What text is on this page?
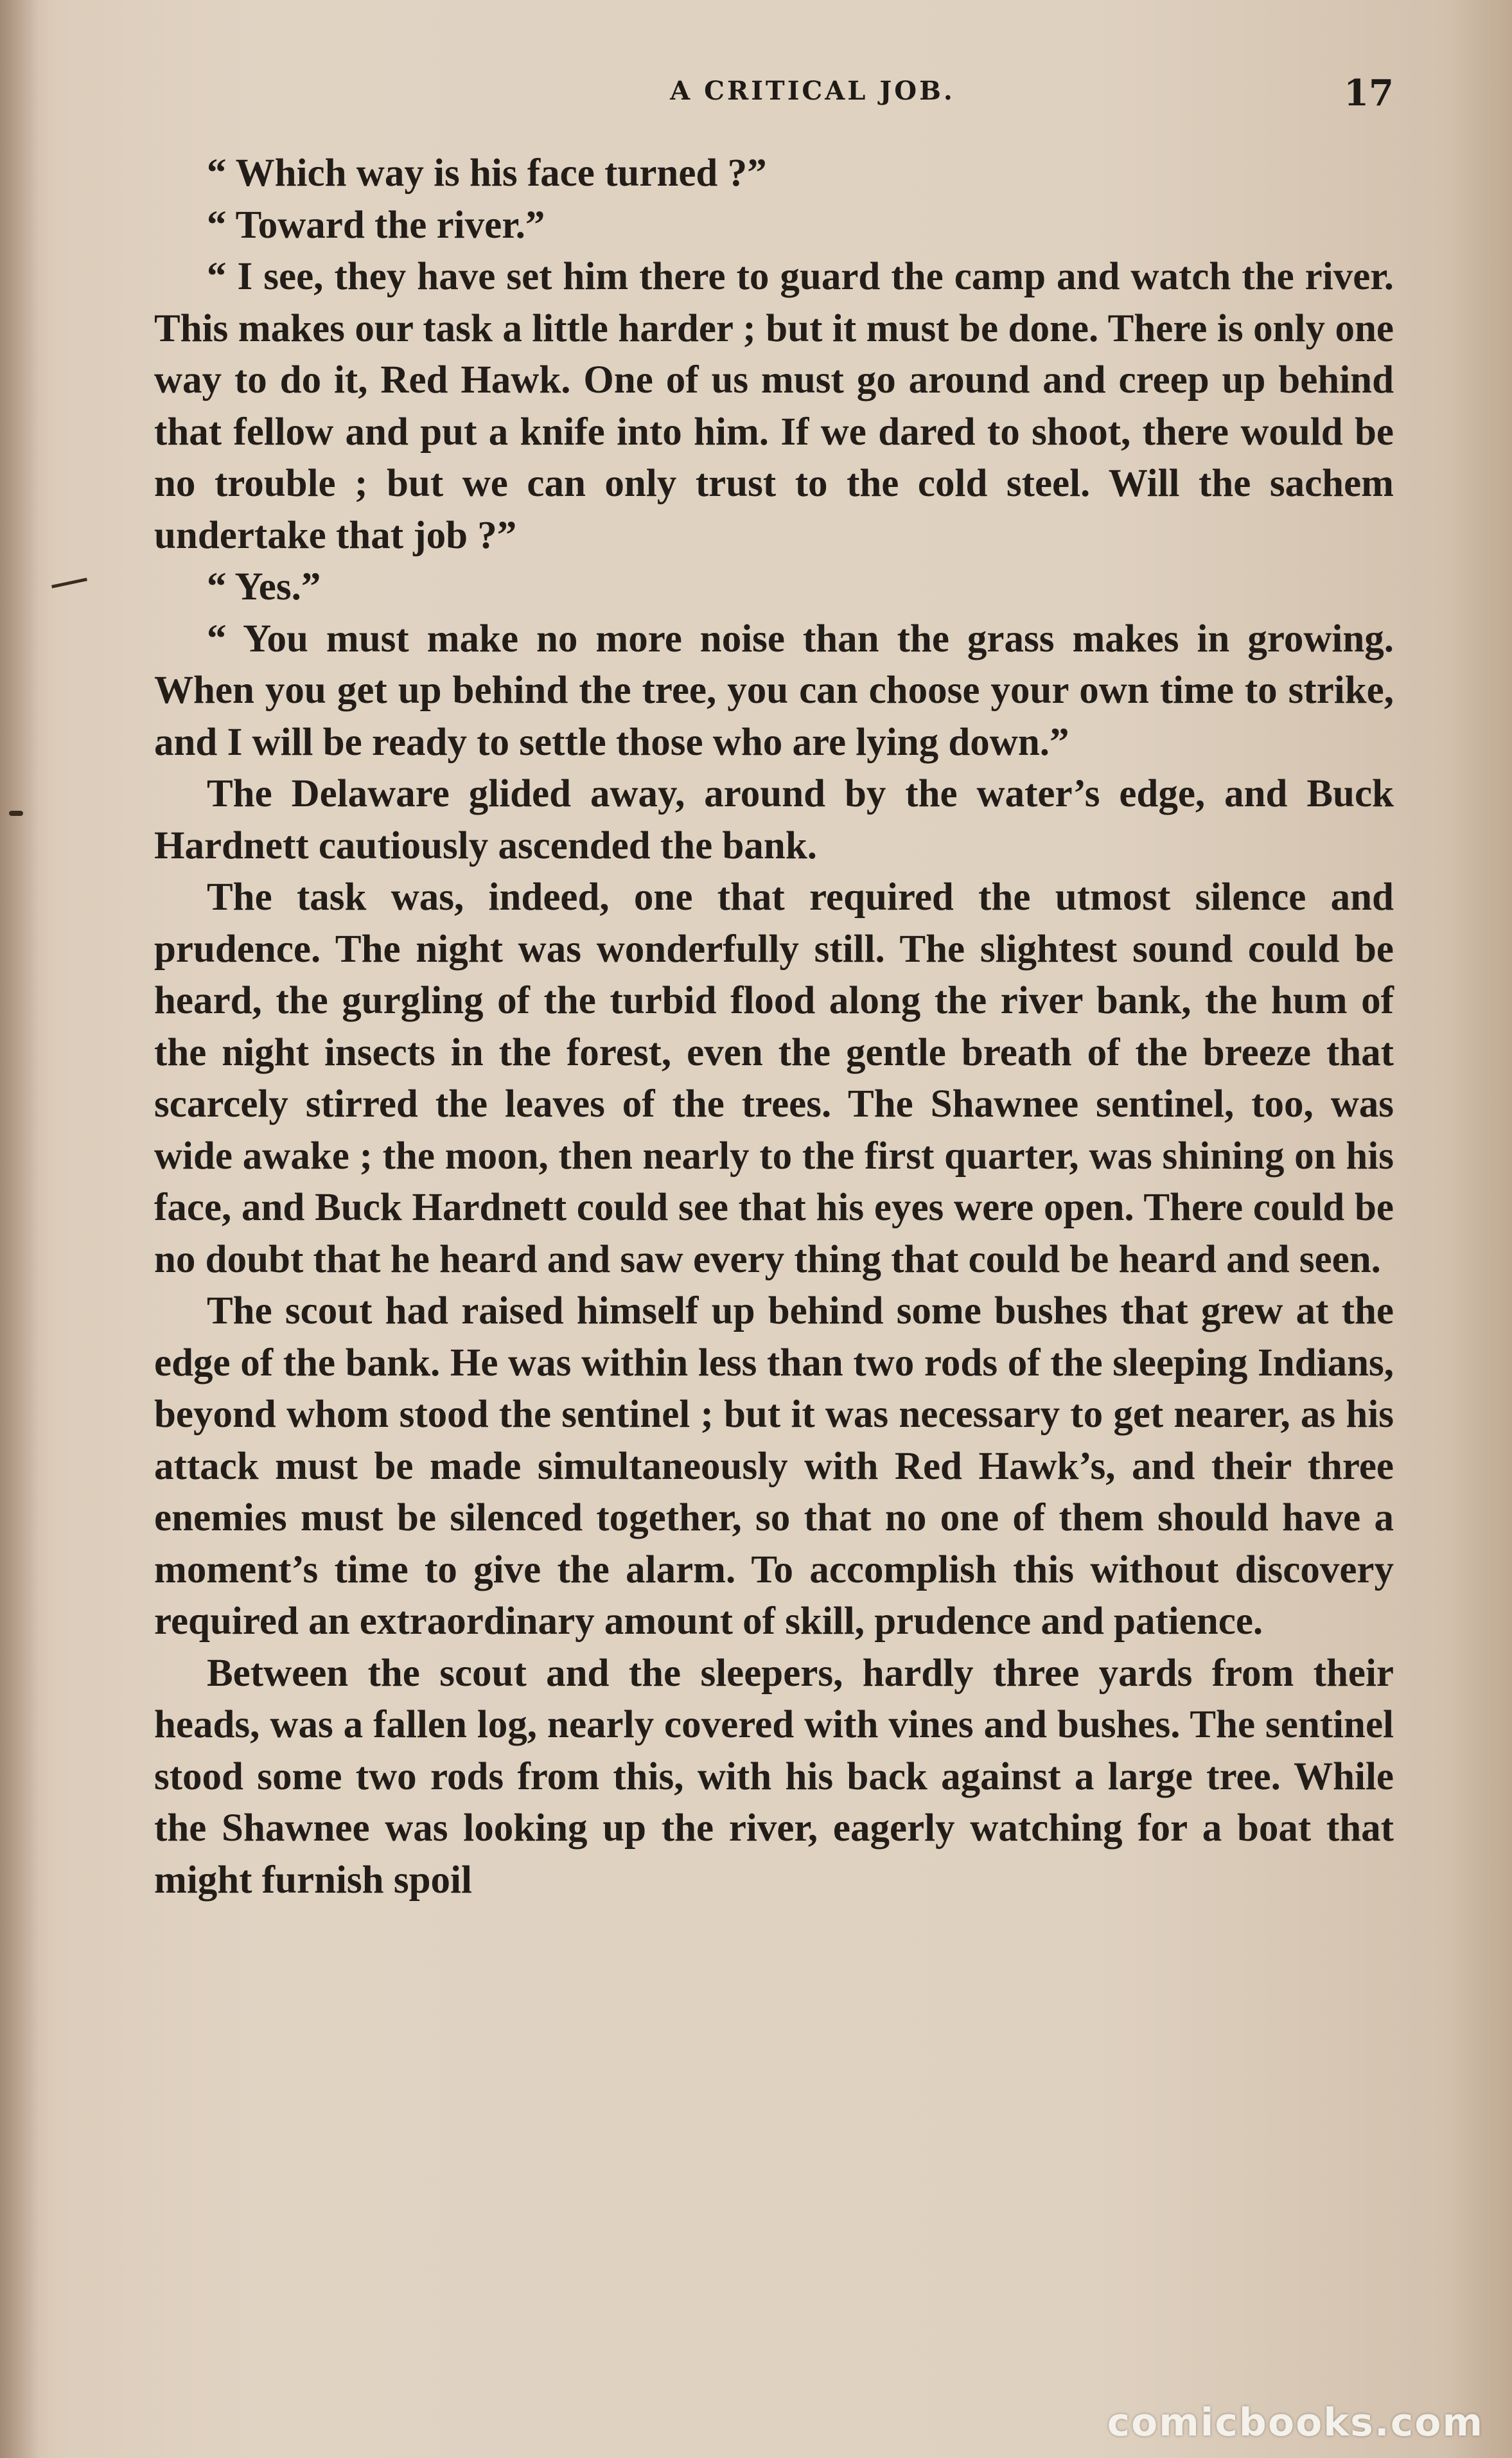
A CRITICAL JOB.	17

“ Which way is his face turned ?”

“ Toward the river.”

“ I see, they have set him there to guard the camp and watch the river. This makes our task a little harder ; but it must be done. There is only one way to do it, Red Hawk. One of us must go around and creep up behind that fellow and put a knife into him. If we dared to shoot, there would be no trouble ; but we can only trust to the cold steel. Will the sachem undertake that job ?”

“ Yes.”

“ You must make no more noise than the grass makes in growing. When you get up behind the tree, you can choose your own time to strike, and I will be ready to settle those who are lying down.”

The Delaware glided away, around by the water’s edge, and Buck Hardnett cautiously ascended the bank.

The task was, indeed, one that required the utmost silence and prudence. The night was wonderfully still. The slightest sound could be heard, the gurgling of the turbid flood along the river bank, the hum of the night insects in the forest, even the gentle breath of the breeze that scarcely stirred the leaves of the trees. The Shawnee sentinel, too, was wide awake ; the moon, then nearly to the first quarter, was shining on his face, and Buck Hardnett could see that his eyes were open. There could be no doubt that he heard and saw every thing that could be heard and seen.

The scout had raised himself up behind some bushes that grew at the edge of the bank. He was within less than two rods of the sleeping Indians, beyond whom stood the sentinel ; but it was necessary to get nearer, as his attack must be made simultaneously with Red Hawk’s, and their three enemies must be silenced together, so that no one of them should have a moment’s time to give the alarm. To accomplish this without discovery required an extraordinary amount of skill, prudence and patience.

Between the scout and the sleepers, hardly three yards from their heads, was a fallen log, nearly covered with vines and bushes. The sentinel stood some two rods from this, with his back against a large tree. While the Shawnee was looking up the river, eagerly watching for a boat that might furnish spoil

comicbooks.com
